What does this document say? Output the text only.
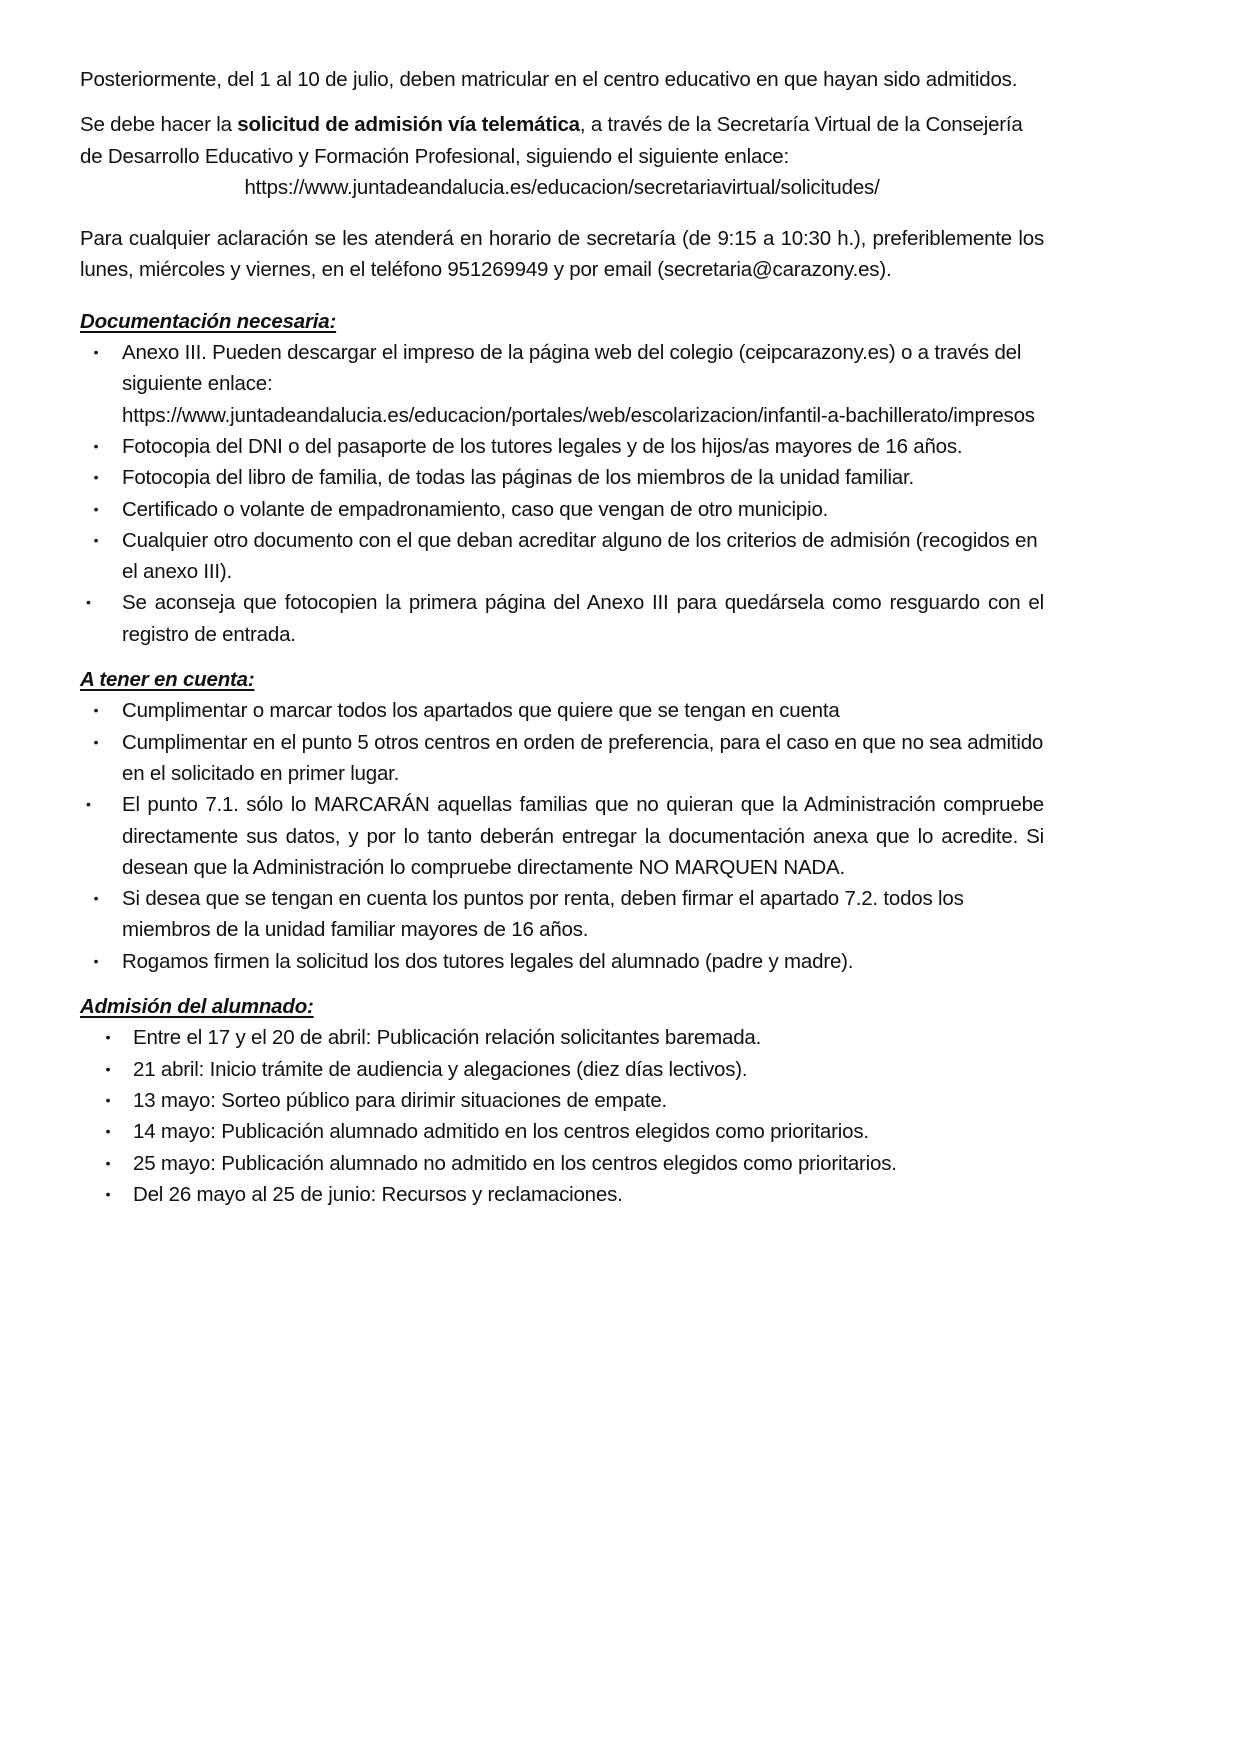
Posteriormente, del 1 al 10 de julio, deben matricular en el centro educativo en que hayan sido admitidos.

Se debe hacer la solicitud de admisión vía telemática, a través de la Secretaría Virtual de la Consejería de Desarrollo Educativo y Formación Profesional, siguiendo el siguiente enlace:
https://www.juntadeandalucia.es/educacion/secretariavirtual/solicitudes/

Para cualquier aclaración se les atenderá en horario de secretaría (de 9:15 a 10:30 h.), preferiblemente los lunes, miércoles y viernes, en el teléfono 951269949 y por email (secretaria@carazony.es).

Documentación necesaria:

•	Anexo III. Pueden descargar el impreso de la página web del colegio (ceipcarazony.es) o a través del siguiente enlace:
https://www.juntadeandalucia.es/educacion/portales/web/escolarizacion/infantil-a-bachillerato/impresos
•	Fotocopia del DNI o del pasaporte de los tutores legales y de los hijos/as mayores de 16 años.
•	Fotocopia del libro de familia, de todas las páginas de los miembros de la unidad familiar.
•	Certificado o volante de empadronamiento, caso que vengan de otro municipio.
•	Cualquier otro documento con el que deban acreditar alguno de los criterios de admisión (recogidos en el anexo III).
•	Se aconseja que fotocopien la primera página del Anexo III para quedársela como resguardo con el registro de entrada.

A tener en cuenta:

•	Cumplimentar o marcar todos los apartados que quiere que se tengan en cuenta
•	Cumplimentar en el punto 5 otros centros en orden de preferencia, para el caso en que no sea admitido en el solicitado en primer lugar.
•	El punto 7.1. sólo lo MARCARÁN aquellas familias que no quieran que la Administración compruebe directamente sus datos, y por lo tanto deberán entregar la documentación anexa que lo acredite. Si desean que la Administración lo compruebe directamente NO MARQUEN NADA.
•	Si desea que se tengan en cuenta los puntos por renta, deben firmar el apartado 7.2. todos los miembros de la unidad familiar mayores de 16 años.
•	Rogamos firmen la solicitud los dos tutores legales del alumnado (padre y madre).

Admisión del alumnado:

•	Entre el 17 y el 20 de abril: Publicación relación solicitantes baremada.
•	21 abril: Inicio trámite de audiencia y alegaciones (diez días lectivos).
•	13 mayo: Sorteo público para dirimir situaciones de empate.
•	14 mayo: Publicación alumnado admitido en los centros elegidos como prioritarios.
•	25 mayo: Publicación alumnado no admitido en los centros elegidos como prioritarios.
•	Del 26 mayo al 25 de junio: Recursos y reclamaciones.
